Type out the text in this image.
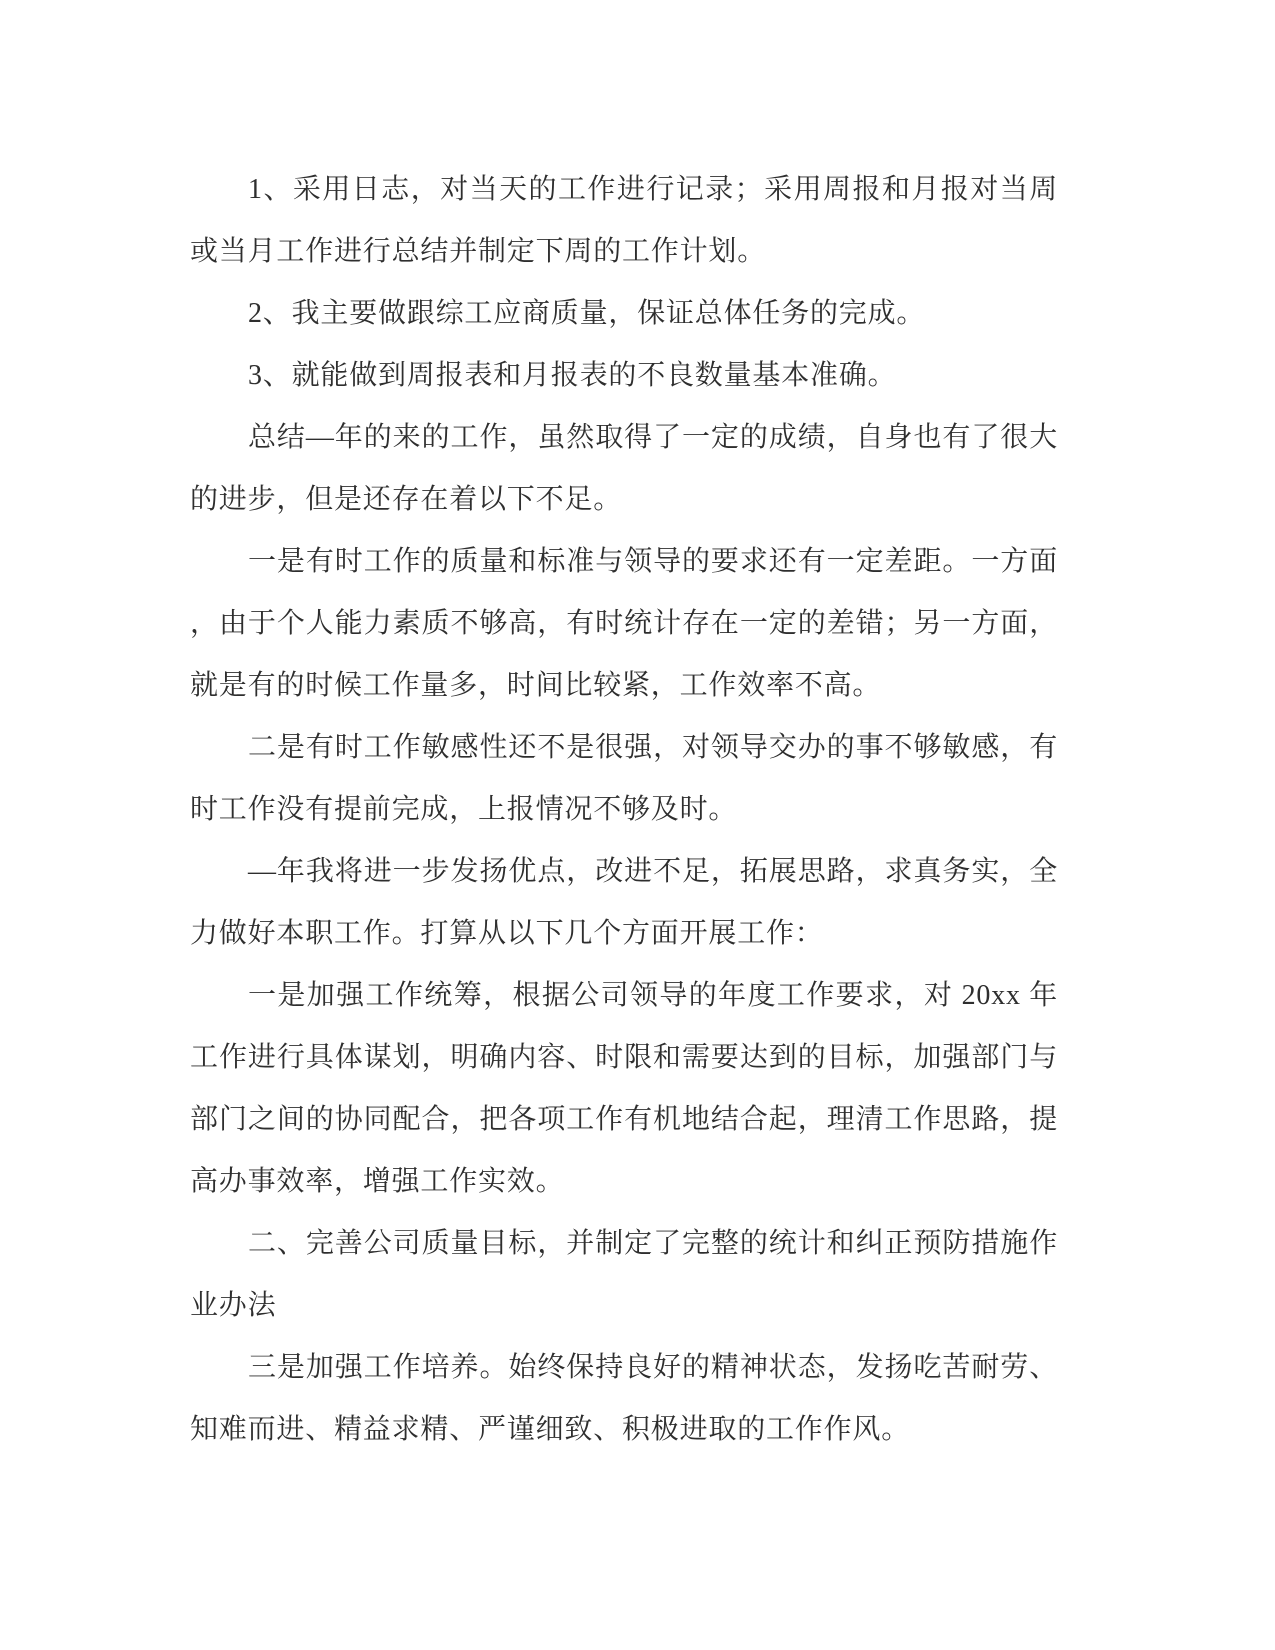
1、采用日志，对当天的工作进行记录；采用周报和月报对当周
或当月工作进行总结并制定下周的工作计划。
2、我主要做跟综工应商质量，保证总体任务的完成。
3、就能做到周报表和月报表的不良数量基本准确。
总结—年的来的工作，虽然取得了一定的成绩，自身也有了很大
的进步，但是还存在着以下不足。
一是有时工作的质量和标准与领导的要求还有一定差距。一方面
，由于个人能力素质不够高，有时统计存在一定的差错；另一方面，
就是有的时候工作量多，时间比较紧，工作效率不高。
二是有时工作敏感性还不是很强，对领导交办的事不够敏感，有
时工作没有提前完成，上报情况不够及时。
—年我将进一步发扬优点，改进不足，拓展思路，求真务实，全
力做好本职工作。打算从以下几个方面开展工作：
一是加强工作统筹，根据公司领导的年度工作要求，对 20xx 年
工作进行具体谋划，明确内容、时限和需要达到的目标，加强部门与
部门之间的协同配合，把各项工作有机地结合起，理清工作思路，提
高办事效率，增强工作实效。
二、完善公司质量目标，并制定了完整的统计和纠正预防措施作
业办法
三是加强工作培养。始终保持良好的精神状态，发扬吃苦耐劳、
知难而进、精益求精、严谨细致、积极进取的工作作风。
